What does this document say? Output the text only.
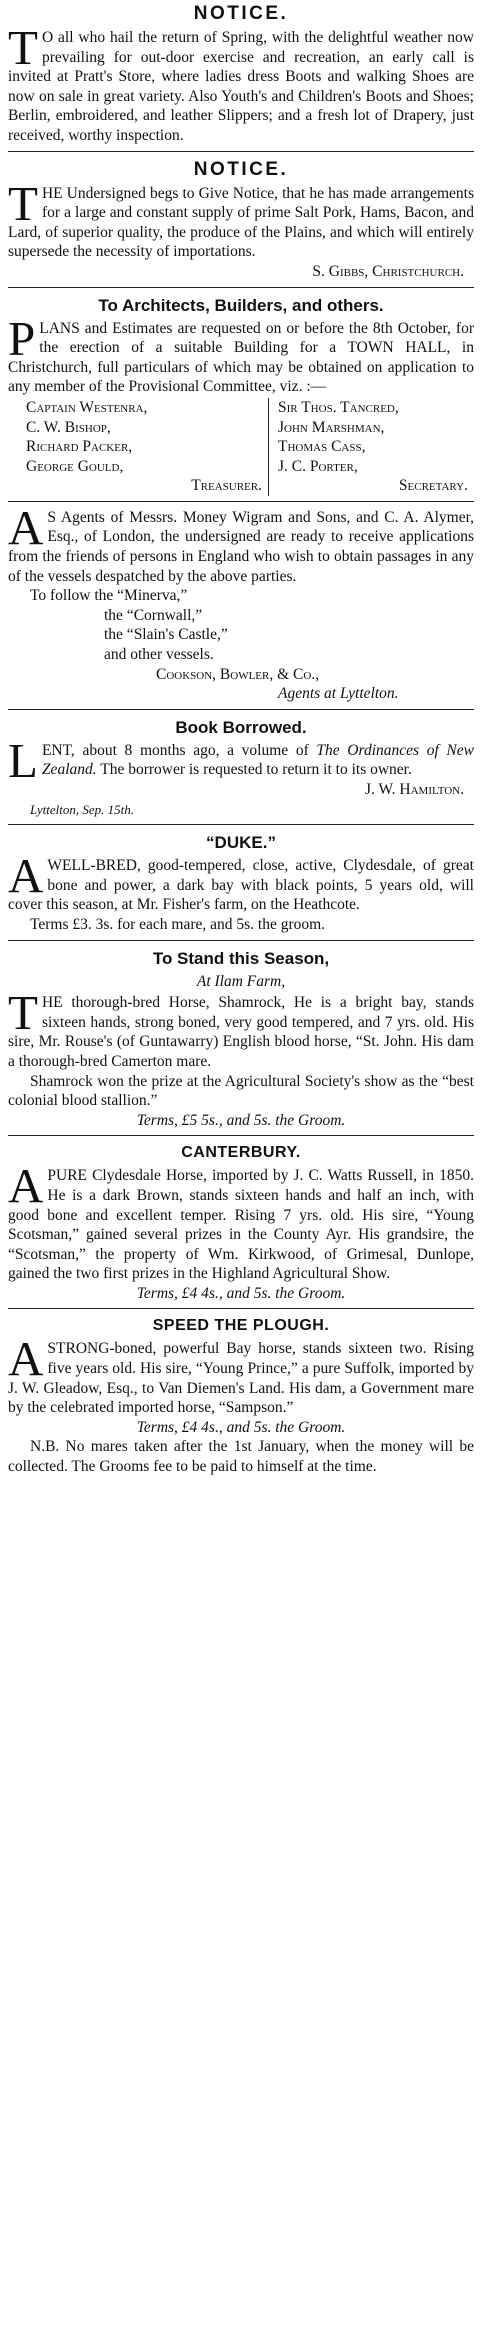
NOTICE.

T O all who hail the return of Spring, with the delightful weather now prevailing for out-door exercise and recreation, an early call is invited at Pratt's Store, where ladies dress Boots and walking Shoes are now on sale in great variety. Also Youth's and Children's Boots and Shoes; Berlin, embroidered, and leather Slippers; and a fresh lot of Drapery, just received, worthy inspection.

NOTICE.

T HE Undersigned begs to Give Notice, that he has made arrangements for a large and constant supply of prime Salt Pork, Hams, Bacon, and Lard, of superior quality, the produce of the Plains, and which will entirely supersede the necessity of importations.

S. Gibbs, Christchurch.
To Architects, Builders, and others.

P LANS and Estimates are requested on or before the 8th October, for the erection of a suitable Building for a TOWN HALL, in Christchurch, full particulars of which may be obtained on application to any member of the Provisional Committee, viz. :—

Captain Westenra,
C. W. Bishop,
Richard Packer,
George Gould,
Treasurer.
Sir Thos. Tancred,
John Marshman,
Thomas Cass,
J. C. Porter,
Secretary.

A S Agents of Messrs. Money Wigram and Sons, and C. A. Alymer, Esq., of London, the undersigned are ready to receive applications from the friends of persons in England who wish to obtain passages in any of the vessels despatched by the above parties.

To follow the “Minerva,”
the “Cornwall,”
the “Slain's Castle,”
and other vessels.
Cookson, Bowler, & Co.,
Agents at Lyttelton.
Book Borrowed.

L ENT, about 8 months ago, a volume of The Ordinances of New Zealand. The borrower is requested to return it to its owner.

J. W. Hamilton.
Lyttelton, Sep. 15th.
“DUKE.”

A WELL-BRED, good-tempered, close, active, Clydesdale, of great bone and power, a dark bay with black points, 5 years old, will cover this season, at Mr. Fisher's farm, on the Heathcote.

Terms £3. 3s. for each mare, and 5s. the groom.

To Stand this Season,
At Ilam Farm,

T HE thorough-bred Horse, Shamrock, He is a bright bay, stands sixteen hands, strong boned, very good tempered, and 7 yrs. old. His sire, Mr. Rouse's (of Guntawarry) English blood horse, “St. John. His dam a thorough-bred Camerton mare.

Shamrock won the prize at the Agricultural Society's show as the “best colonial blood stallion.”

Terms, £5 5s., and 5s. the Groom.
CANTERBURY.

A PURE Clydesdale Horse, imported by J. C. Watts Russell, in 1850. He is a dark Brown, stands sixteen hands and half an inch, with good bone and excellent temper. Rising 7 yrs. old. His sire, “Young Scotsman,” gained several prizes in the County Ayr. His grandsire, the “Scotsman,” the property of Wm. Kirkwood, of Grimesal, Dunlope, gained the two first prizes in the Highland Agricultural Show.

Terms, £4 4s., and 5s. the Groom.
SPEED THE PLOUGH.

A STRONG-boned, powerful Bay horse, stands sixteen two. Rising five years old. His sire, “Young Prince,” a pure Suffolk, imported by J. W. Gleadow, Esq., to Van Diemen's Land. His dam, a Government mare by the celebrated imported horse, “Sampson.”

Terms, £4 4s., and 5s. the Groom.

N.B. No mares taken after the 1st January, when the money will be collected. The Grooms fee to be paid to himself at the time.
